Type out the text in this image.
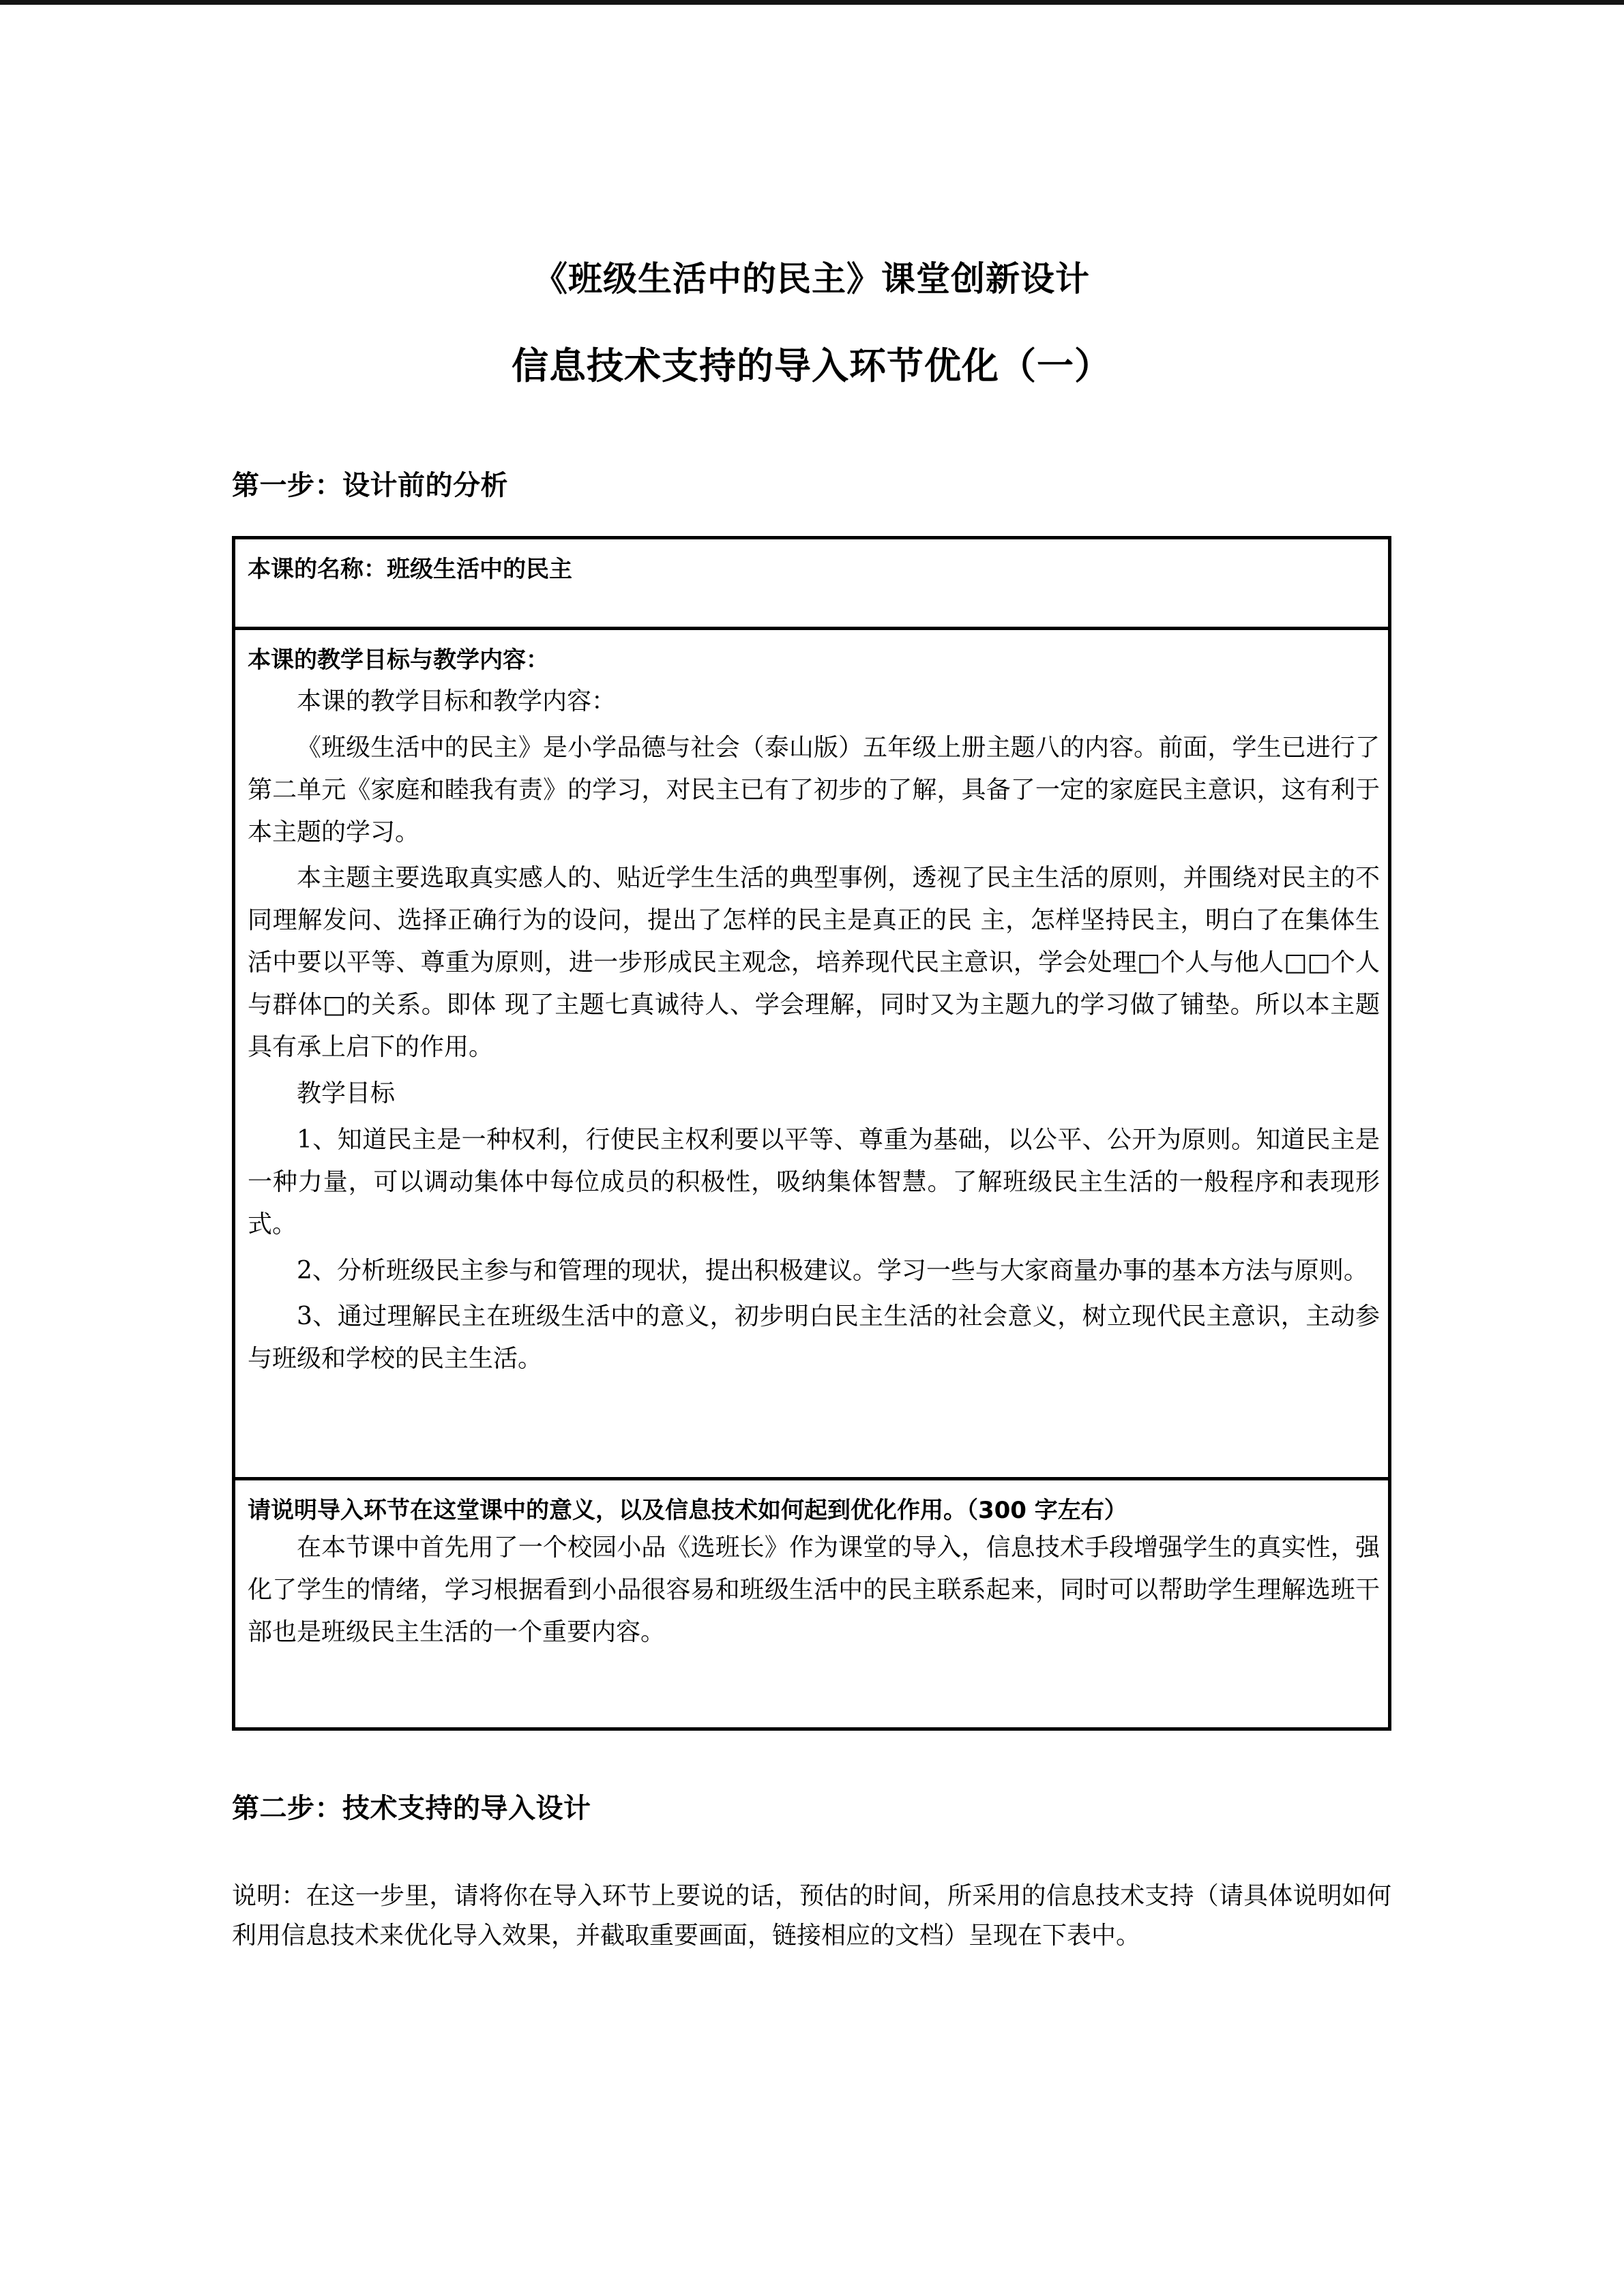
《班级生活中的民主》课堂创新设计
信息技术支持的导入环节优化（一）
第一步：设计前的分析

本课的名称：班级生活中的民主

本课的教学目标与教学内容：

本课的教学目标和教学内容：

《班级生活中的民主》是小学品德与社会（泰山版）五年级上册主题八的内容。前面，学生已进行了第二单元《家庭和睦我有责》的学习，对民主已有了初步的了解，具备了一定的家庭民主意识，这有利于本主题的学习。

本主题主要选取真实感人的、贴近学生生活的典型事例，透视了民主生活的原则，并围绕对民主的不同理解发问、选择正确行为的设问，提出了怎样的民主是真正的民 主，怎样坚持民主，明白了在集体生活中要以平等、尊重为原则，进一步形成民主观念，培养现代民主意识，学会处理□个人与他人□□个人与群体□的关系。即体 现了主题七真诚待人、学会理解，同时又为主题九的学习做了铺垫。所以本主题具有承上启下的作用。

教学目标

1、知道民主是一种权利，行使民主权利要以平等、尊重为基础，以公平、公开为原则。知道民主是一种力量，可以调动集体中每位成员的积极性，吸纳集体智慧。了解班级民主生活的一般程序和表现形式。

2、分析班级民主参与和管理的现状，提出积极建议。学习一些与大家商量办事的基本方法与原则。

3、通过理解民主在班级生活中的意义，初步明白民主生活的社会意义，树立现代民主意识，主动参与班级和学校的民主生活。

请说明导入环节在这堂课中的意义，以及信息技术如何起到优化作用。（300 字左右）

在本节课中首先用了一个校园小品《选班长》作为课堂的导入，信息技术手段增强学生的真实性，强化了学生的情绪，学习根据看到小品很容易和班级生活中的民主联系起来，同时可以帮助学生理解选班干部也是班级民主生活的一个重要内容。

第二步：技术支持的导入设计

说明：在这一步里，请将你在导入环节上要说的话，预估的时间，所采用的信息技术支持（请具体说明如何利用信息技术来优化导入效果，并截取重要画面，链接相应的文档）呈现在下表中。
